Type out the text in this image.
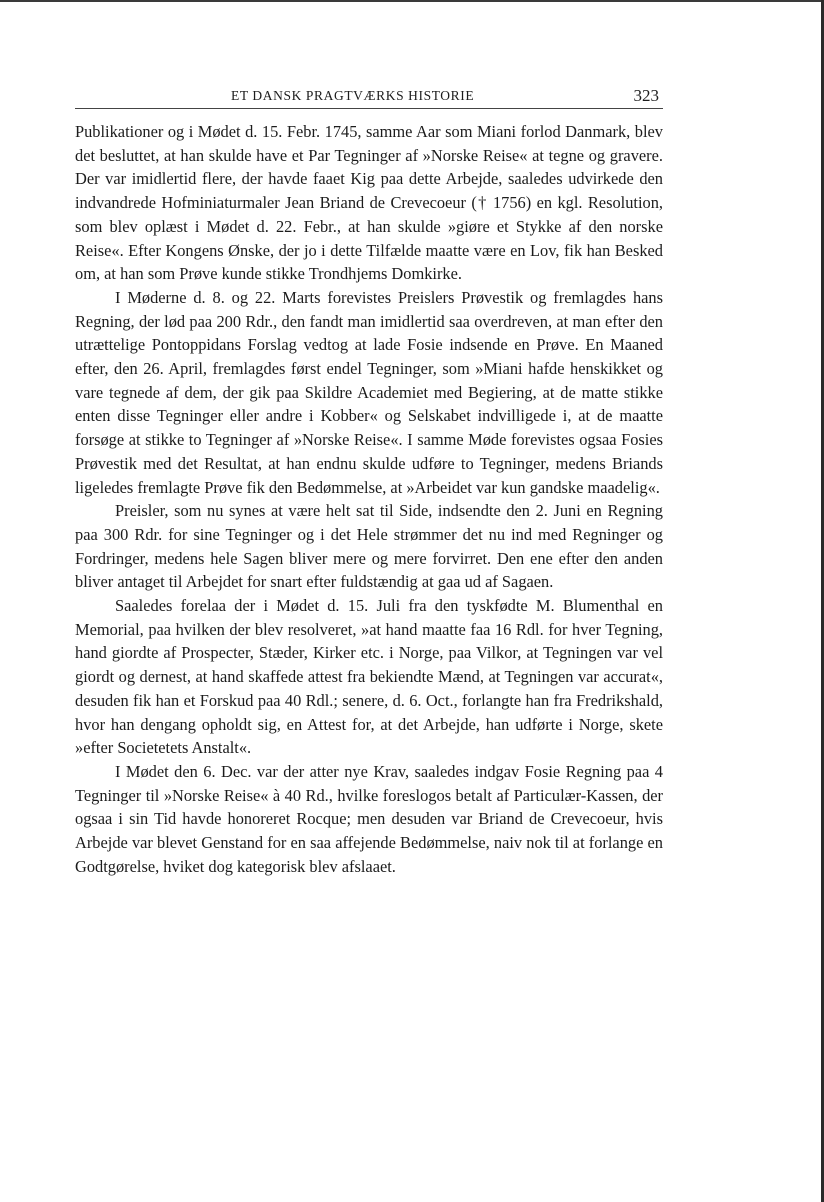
ET DANSK PRAGTVÆRKS HISTORIE	323

Publikationer og i Mødet d. 15. Febr. 1745, samme Aar som Miani forlod Danmark, blev det besluttet, at han skulde have et Par Tegninger af »Norske Reise« at tegne og gravere. Der var imidlertid flere, der havde faaet Kig paa dette Arbejde, saaledes udvirkede den indvandrede Hofminiaturmaler Jean Briand de Crevecoeur († 1756) en kgl. Resolution, som blev oplæst i Mødet d. 22. Febr., at han skulde »giøre et Stykke af den norske Reise«. Efter Kongens Ønske, der jo i dette Tilfælde maatte være en Lov, fik han Besked om, at han som Prøve kunde stikke Trondhjems Domkirke.

I Møderne d. 8. og 22. Marts forevistes Preislers Prøvestik og fremlagdes hans Regning, der lød paa 200 Rdr., den fandt man imidlertid saa overdreven, at man efter den utrættelige Pontoppidans Forslag vedtog at lade Fosie indsende en Prøve. En Maaned efter, den 26. April, fremlagdes først endel Tegninger, som »Miani hafde henskikket og vare tegnede af dem, der gik paa Skildre Academiet med Begiering, at de matte stikke enten disse Tegninger eller andre i Kobber« og Selskabet indvilligede i, at de maatte forsøge at stikke to Tegninger af »Norske Reise«. I samme Møde forevistes ogsaa Fosies Prøvestik med det Resultat, at han endnu skulde udføre to Tegninger, medens Briands ligeledes fremlagte Prøve fik den Bedømmelse, at »Arbeidet var kun gandske maadelig«.

Preisler, som nu synes at være helt sat til Side, indsendte den 2. Juni en Regning paa 300 Rdr. for sine Tegninger og i det Hele strømmer det nu ind med Regninger og Fordringer, medens hele Sagen bliver mere og mere forvirret. Den ene efter den anden bliver antaget til Arbejdet for snart efter fuldstændig at gaa ud af Sagaen.

Saaledes forelaa der i Mødet d. 15. Juli fra den tyskfødte M. Blumenthal en Memorial, paa hvilken der blev resolveret, »at hand maatte faa 16 Rdl. for hver Tegning, hand giordte af Prospecter, Stæder, Kirker etc. i Norge, paa Vilkor, at Tegningen var vel giordt og dernest, at hand skaffede attest fra bekiendte Mænd, at Tegningen var accurat«, desuden fik han et Forskud paa 40 Rdl.; senere, d. 6. Oct., forlangte han fra Fredrikshald, hvor han dengang opholdt sig, en Attest for, at det Arbejde, han udførte i Norge, skete »efter Societetets Anstalt«.

I Mødet den 6. Dec. var der atter nye Krav, saaledes indgav Fosie Regning paa 4 Tegninger til »Norske Reise« à 40 Rd., hvilke foreslogos betalt af Particulær-Kassen, der ogsaa i sin Tid havde honoreret Rocque; men desuden var Briand de Crevecoeur, hvis Arbejde var blevet Genstand for en saa affejende Bedømmelse, naiv nok til at forlange en Godtgørelse, hviket dog kategorisk blev afslaaet.
